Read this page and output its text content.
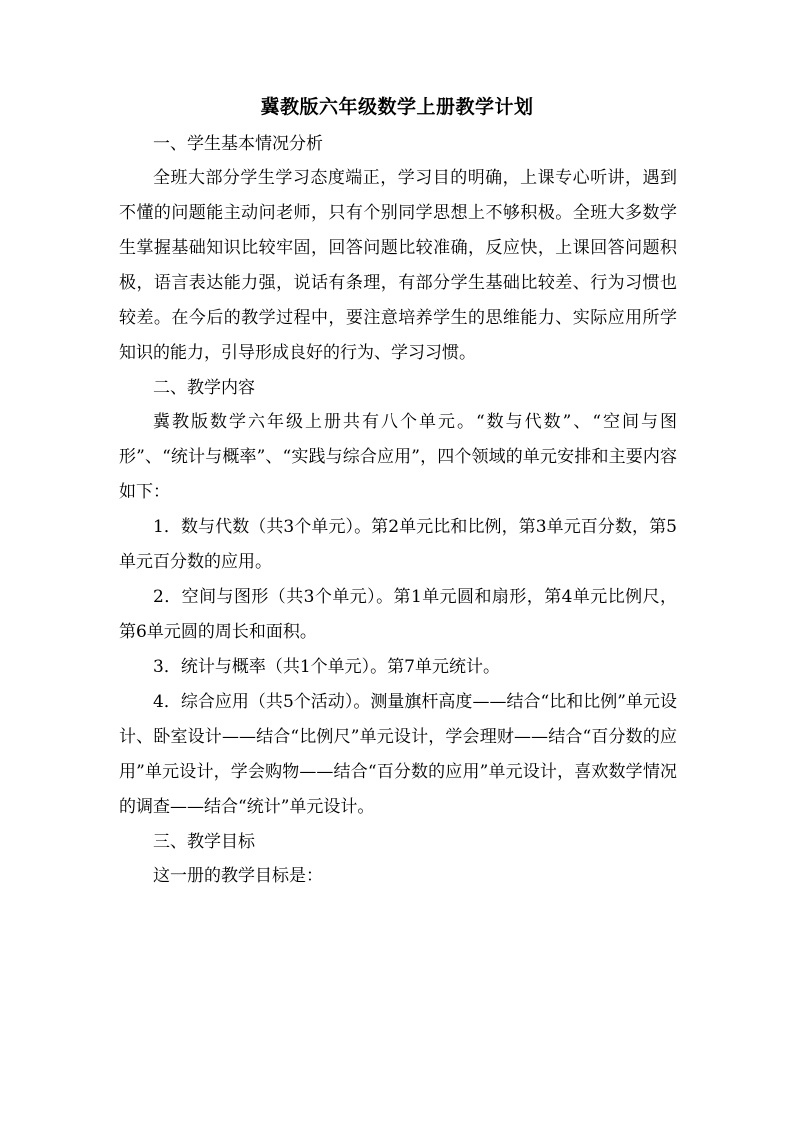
冀教版六年级数学上册教学计划

一、学生基本情况分析

全班大部分学生学习态度端正，学习目的明确，上课专心听讲，遇到不懂的问题能主动问老师，只有个别同学思想上不够积极。全班大多数学生掌握基础知识比较牢固，回答问题比较准确，反应快，上课回答问题积极，语言表达能力强，说话有条理，有部分学生基础比较差、行为习惯也较差。在今后的教学过程中，要注意培养学生的思维能力、实际应用所学知识的能力，引导形成良好的行为、学习习惯。

二、教学内容

冀教版数学六年级上册共有八个单元。“数与代数”、“空间与图形”、“统计与概率”、“实践与综合应用”，四个领域的单元安排和主要内容如下：

1．数与代数（共3个单元）。第2单元比和比例，第3单元百分数，第5单元百分数的应用。

2．空间与图形（共3个单元）。第1单元圆和扇形，第4单元比例尺，第6单元圆的周长和面积。

3．统计与概率（共1个单元）。第7单元统计。

4．综合应用（共5个活动）。测量旗杆高度——结合“比和比例”单元设计、卧室设计——结合“比例尺”单元设计，学会理财——结合“百分数的应用”单元设计，学会购物——结合“百分数的应用”单元设计，喜欢数学情况的调查——结合“统计”单元设计。

三、教学目标

这一册的教学目标是：
